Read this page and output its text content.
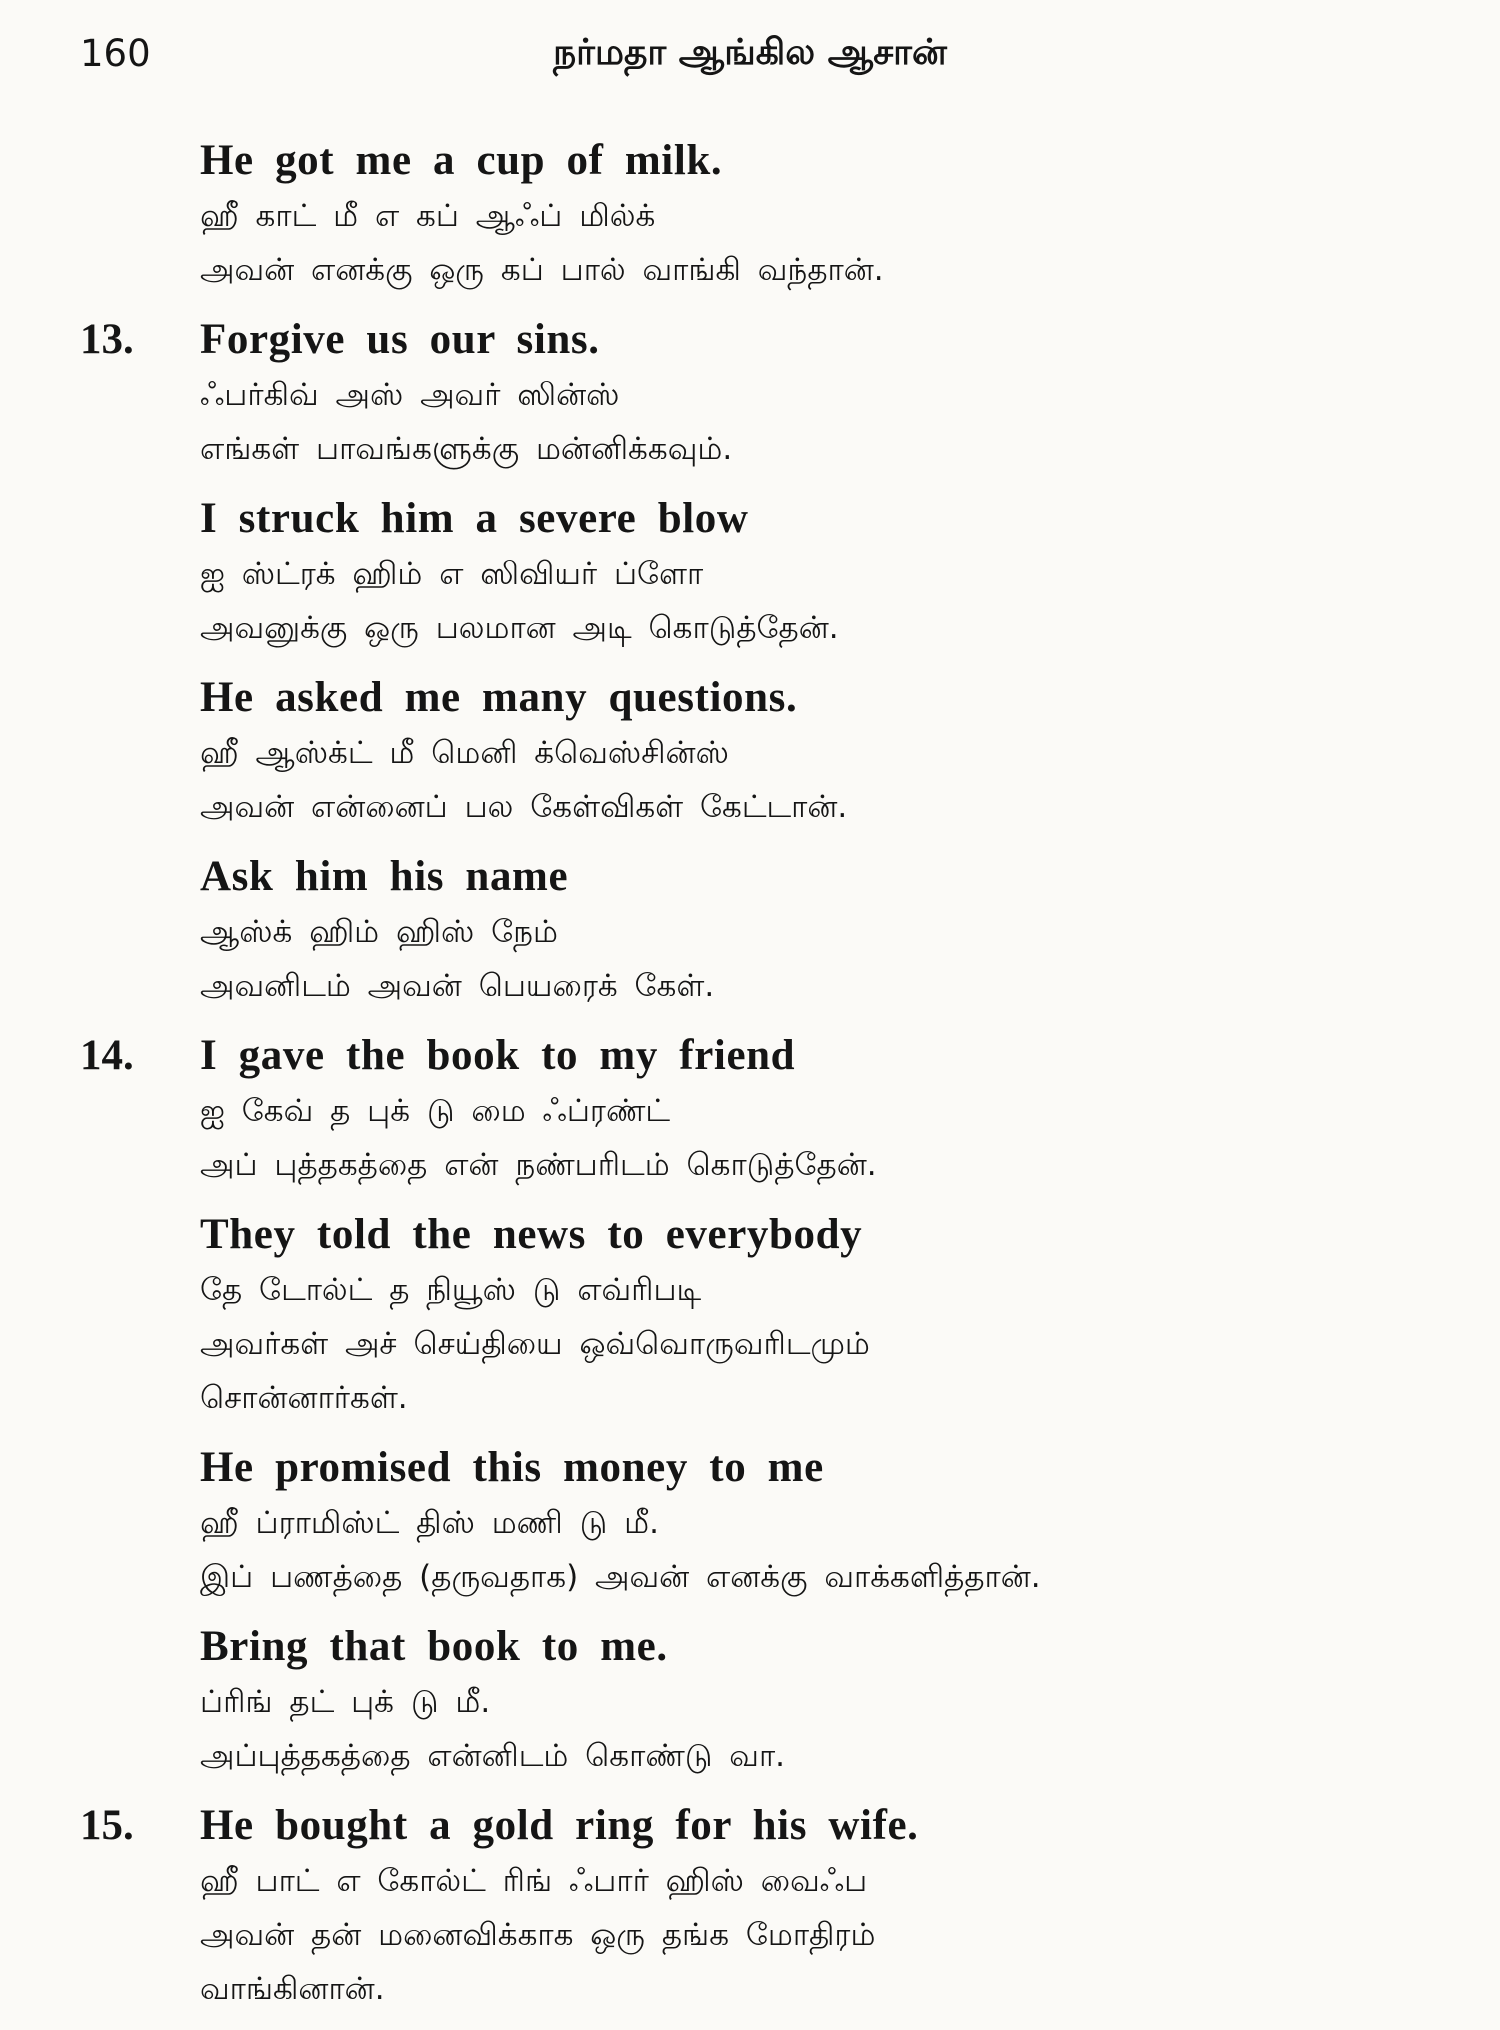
160	நர்மதா ஆங்கில ஆசான்
He got me a cup of milk.
ஹீ காட் மீ எ கப் ஆஃப் மில்க்
அவன் எனக்கு ஒரு கப் பால் வாங்கி வந்தான்.
13. Forgive us our sins.
ஃபர்கிவ் அஸ் அவர் ஸின்ஸ்
எங்கள் பாவங்களுக்கு மன்னிக்கவும்.
I struck him a severe blow
ஐ ஸ்ட்ரக் ஹிம் எ ஸிவியர் ப்ளோ
அவனுக்கு ஒரு பலமான அடி கொடுத்தேன்.
He asked me many questions.
ஹீ ஆஸ்க்ட் மீ மெனி க்வெஸ்சின்ஸ்
அவன் என்னைப் பல கேள்விகள் கேட்டான்.
Ask him his name
ஆஸ்க் ஹிம் ஹிஸ் நேம்
அவனிடம் அவன் பெயரைக் கேள்.
14. I gave the book to my friend
ஐ கேவ் த புக் டு மை ஃப்ரண்ட்
அப் புத்தகத்தை என் நண்பரிடம் கொடுத்தேன்.
They told the news to everybody
தே டோல்ட் த நியூஸ் டு எவ்ரிபடி
அவர்கள் அச் செய்தியை ஒவ்வொருவரிடமும்
சொன்னார்கள்.
He promised this money to me
ஹீ ப்ராமிஸ்ட் திஸ் மணி டு மீ.
இப் பணத்தை (தருவதாக) அவன் எனக்கு வாக்களித்தான்.
Bring that book to me.
ப்ரிங் தட் புக் டு மீ.
அப்புத்தகத்தை என்னிடம் கொண்டு வா.
15. He bought a gold ring for his wife.
ஹீ பாட் எ கோல்ட் ரிங் ஃபார் ஹிஸ் வைஃப
அவன் தன் மனைவிக்காக ஒரு தங்க மோதிரம்
வாங்கினான்.
